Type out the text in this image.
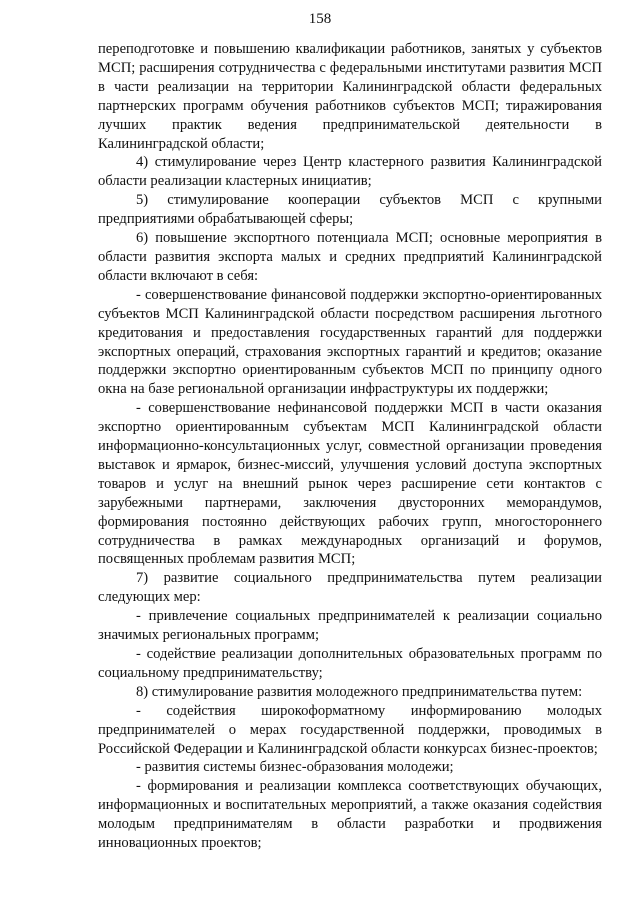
158

переподготовке и повышению квалификации работников, занятых у субъектов МСП; расширения сотрудничества с федеральными институтами развития МСП в части реализации на территории Калининградской области федеральных партнерских программ обучения работников субъектов МСП; тиражирования лучших практик ведения предпринимательской деятельности в Калининградской области;

4) стимулирование через Центр кластерного развития Калининградской области реализации кластерных инициатив;

5) стимулирование кооперации субъектов МСП с крупными предприятиями обрабатывающей сферы;

6) повышение экспортного потенциала МСП; основные мероприятия в области развития экспорта малых и средних предприятий Калининградской области включают в себя:

- совершенствование финансовой поддержки экспортно-ориентированных субъектов МСП Калининградской области посредством расширения льготного кредитования и предоставления государственных гарантий для поддержки экспортных операций, страхования экспортных гарантий и кредитов; оказание поддержки экспортно ориентированным субъектов МСП по принципу одного окна на базе региональной организации инфраструктуры их поддержки;

- совершенствование нефинансовой поддержки МСП в части оказания экспортно ориентированным субъектам МСП Калининградской области информационно-консультационных услуг, совместной организации проведения выставок и ярмарок, бизнес-миссий, улучшения условий доступа экспортных товаров и услуг на внешний рынок через расширение сети контактов с зарубежными партнерами, заключения двусторонних меморандумов, формирования постоянно действующих рабочих групп, многостороннего сотрудничества в рамках международных организаций и форумов, посвященных проблемам развития МСП;

7) развитие социального предпринимательства путем реализации следующих мер:

- привлечение социальных предпринимателей к реализации социально значимых региональных программ;

- содействие реализации дополнительных образовательных программ по социальному предпринимательству;

8) стимулирование развития молодежного предпринимательства путем:

- содействия широкоформатному информированию молодых предпринимателей о мерах государственной поддержки, проводимых в Российской Федерации и Калининградской области конкурсах бизнес-проектов;

- развития системы бизнес-образования молодежи;

- формирования и реализации комплекса соответствующих обучающих, информационных и воспитательных мероприятий, а также оказания содействия молодым предпринимателям в области разработки и продвижения инновационных проектов;
